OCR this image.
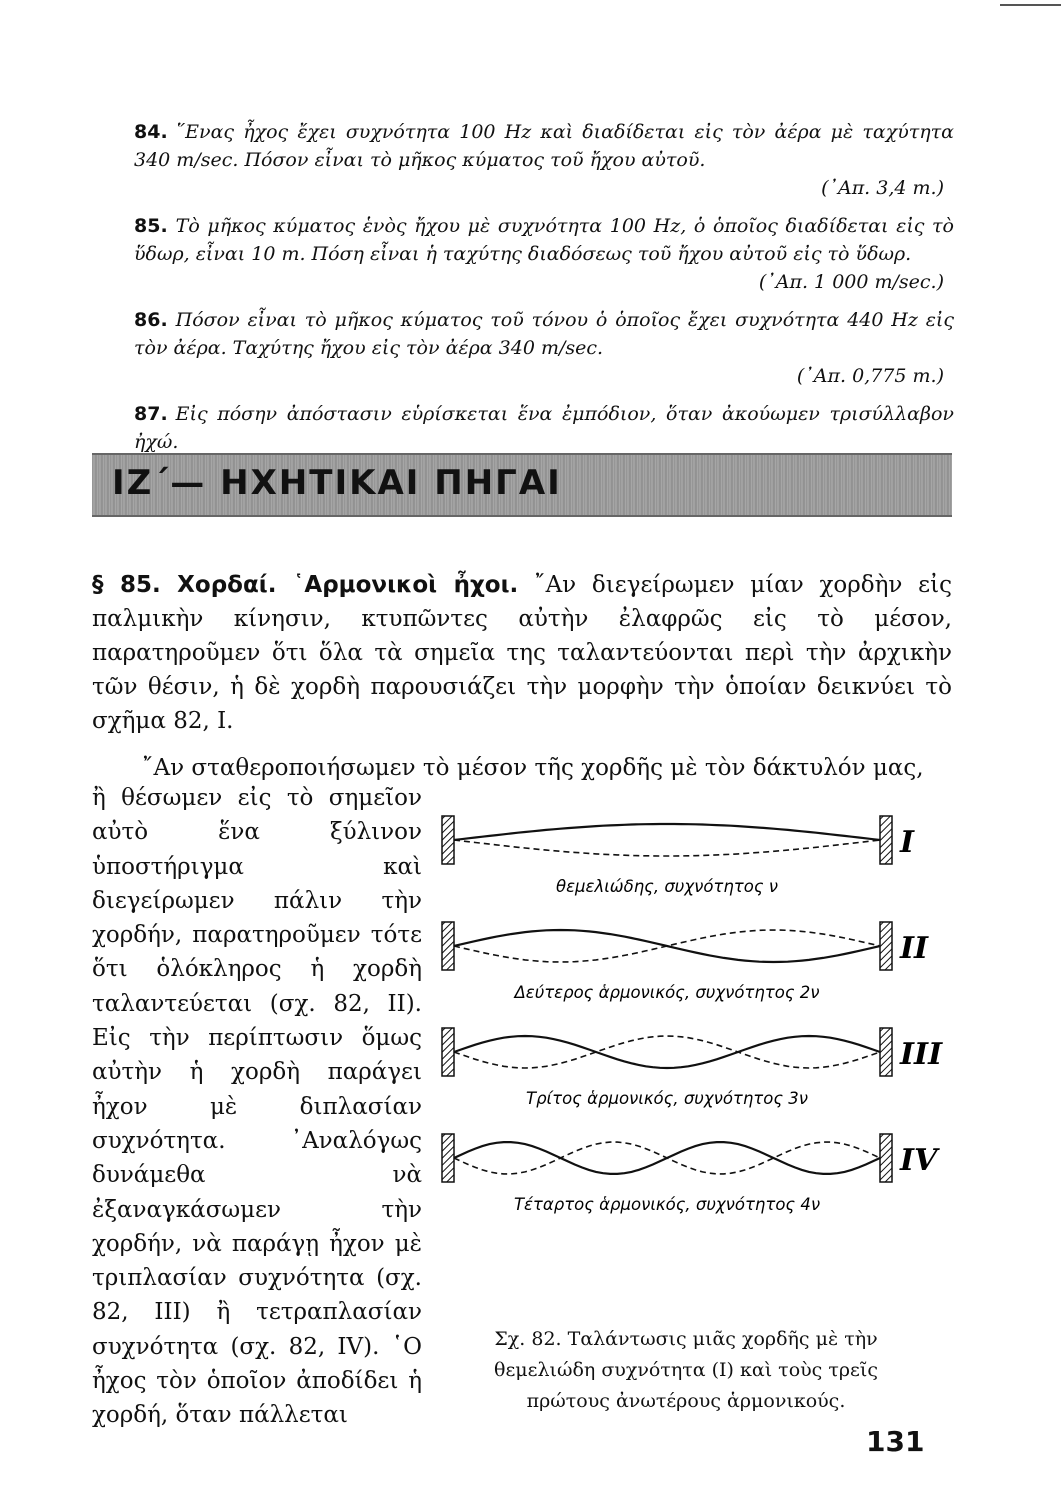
84. ῞Ενας ἦχος ἔχει συχνότητα 100 Hz καὶ διαδίδεται εἰς τὸν ἀέρα μὲ ταχύτητα 340 m/sec. Πόσον εἶναι τὸ μῆκος κύματος τοῦ ἤχου αὐτοῦ.
(᾽Απ. 3,4 m.)

85. Τὸ μῆκος κύματος ἑνὸς ἤχου μὲ συχνότητα 100 Hz, ὁ ὁποῖος διαδίδεται εἰς τὸ ὕδωρ, εἶναι 10 m. Πόση εἶναι ἡ ταχύτης διαδόσεως τοῦ ἤχου αὐτοῦ εἰς τὸ ὕδωρ.
(᾽Απ. 1 000 m/sec.)

86. Πόσον εἶναι τὸ μῆκος κύματος τοῦ τόνου ὁ ὁποῖος ἔχει συχνότητα 440 Hz εἰς τὸν ἀέρα. Ταχύτης ἤχου εἰς τὸν ἀέρα 340 m/sec.
(᾽Απ. 0,775 m.)

87. Εἰς πόσην ἀπόστασιν εὑρίσκεται ἕνα ἐμπόδιον, ὅταν ἀκούωμεν τρισύλλαβον ἠχώ.

ΙΖ΄— ΗΧΗΤΙΚΑΙ ΠΗΓΑΙ

§ 85. Χορδαί. ῾Αρμονικοὶ ἦχοι. ῎Αν διεγείρωμεν μίαν χορδὴν εἰς παλμικὴν κίνησιν, κτυπῶντες αὐτὴν ἐλαφρῶς εἰς τὸ μέσον, παρατηροῦμεν ὅτι ὅλα τὰ σημεῖα της ταλαντεύονται περὶ τὴν ἀρχικὴν τῶν θέσιν, ἡ δὲ χορδὴ παρουσιάζει τὴν μορφὴν τὴν ὁποίαν δεικνύει τὸ σχῆμα 82, Ι.

῎Αν σταθεροποιήσωμεν τὸ μέσον τῆς χορδῆς μὲ τὸν δάκτυλόν μας,

ἢ θέσωμεν εἰς τὸ σημεῖον αὐτὸ ἕνα ξύλινον ὑποστήριγμα καὶ διεγείρωμεν πάλιν τὴν χορδήν, παρατηροῦμεν τότε ὅτι ὁλόκληρος ἡ χορδὴ ταλαντεύεται (σχ. 82, ΙΙ). Εἰς τὴν περίπτωσιν ὅμως αὐτὴν ἡ χορδὴ παράγει ἦχον μὲ διπλασίαν συχνότητα. ᾽Αναλόγως δυνάμεθα νὰ ἐξαναγκάσωμεν τὴν χορδήν, νὰ παράγῃ ἦχον μὲ τριπλασίαν συχνότητα (σχ. 82, ΙΙΙ) ἢ τετραπλασίαν συχνότητα (σχ. 82, IV). ῾Ο ἦχος τὸν ὁποῖον ἀποδίδει ἡ χορδή, ὅταν πάλλεται

I
θεμελιώδης, συχνότητος ν
II
Δεύτερος ἁρμονικός, συχνότητος 2ν
III
Τρίτος ἁρμονικός, συχνότητος 3ν
IV
Τέταρτος ἁρμονικός, συχνότητος 4ν

Σχ. 82. Ταλάντωσις μιᾶς χορδῆς μὲ τὴν θεμελιώδη συχνότητα (Ι) καὶ τοὺς τρεῖς πρώτους ἀνωτέρους ἁρμονικούς.

131
